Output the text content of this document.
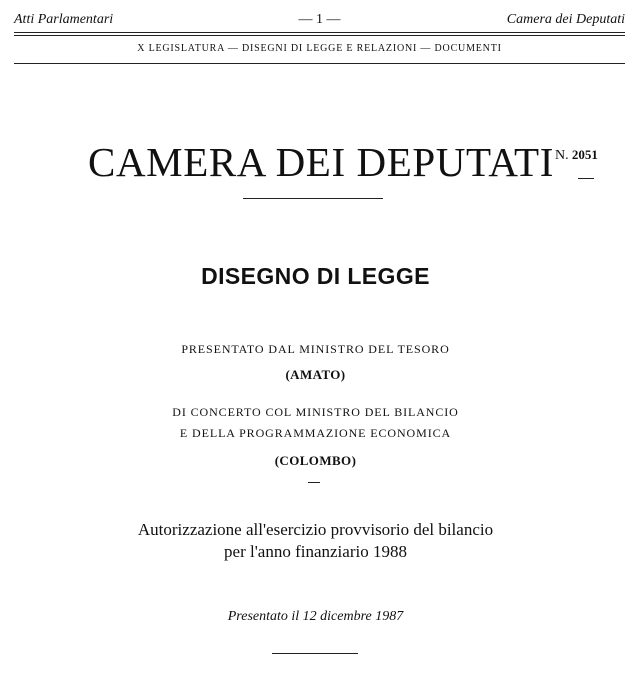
Atti Parlamentari	— 1 —	Camera dei Deputati
X LEGISLATURA — DISEGNI DI LEGGE E RELAZIONI — DOCUMENTI
CAMERA DEI DEPUTATI N. 2051
DISEGNO DI LEGGE
PRESENTATO DAL MINISTRO DEL TESORO
(AMATO)
DI CONCERTO COL MINISTRO DEL BILANCIO
E DELLA PROGRAMMAZIONE ECONOMICA
(COLOMBO)
Autorizzazione all'esercizio provvisorio del bilancio
per l'anno finanziario 1988
Presentato il 12 dicembre 1987
